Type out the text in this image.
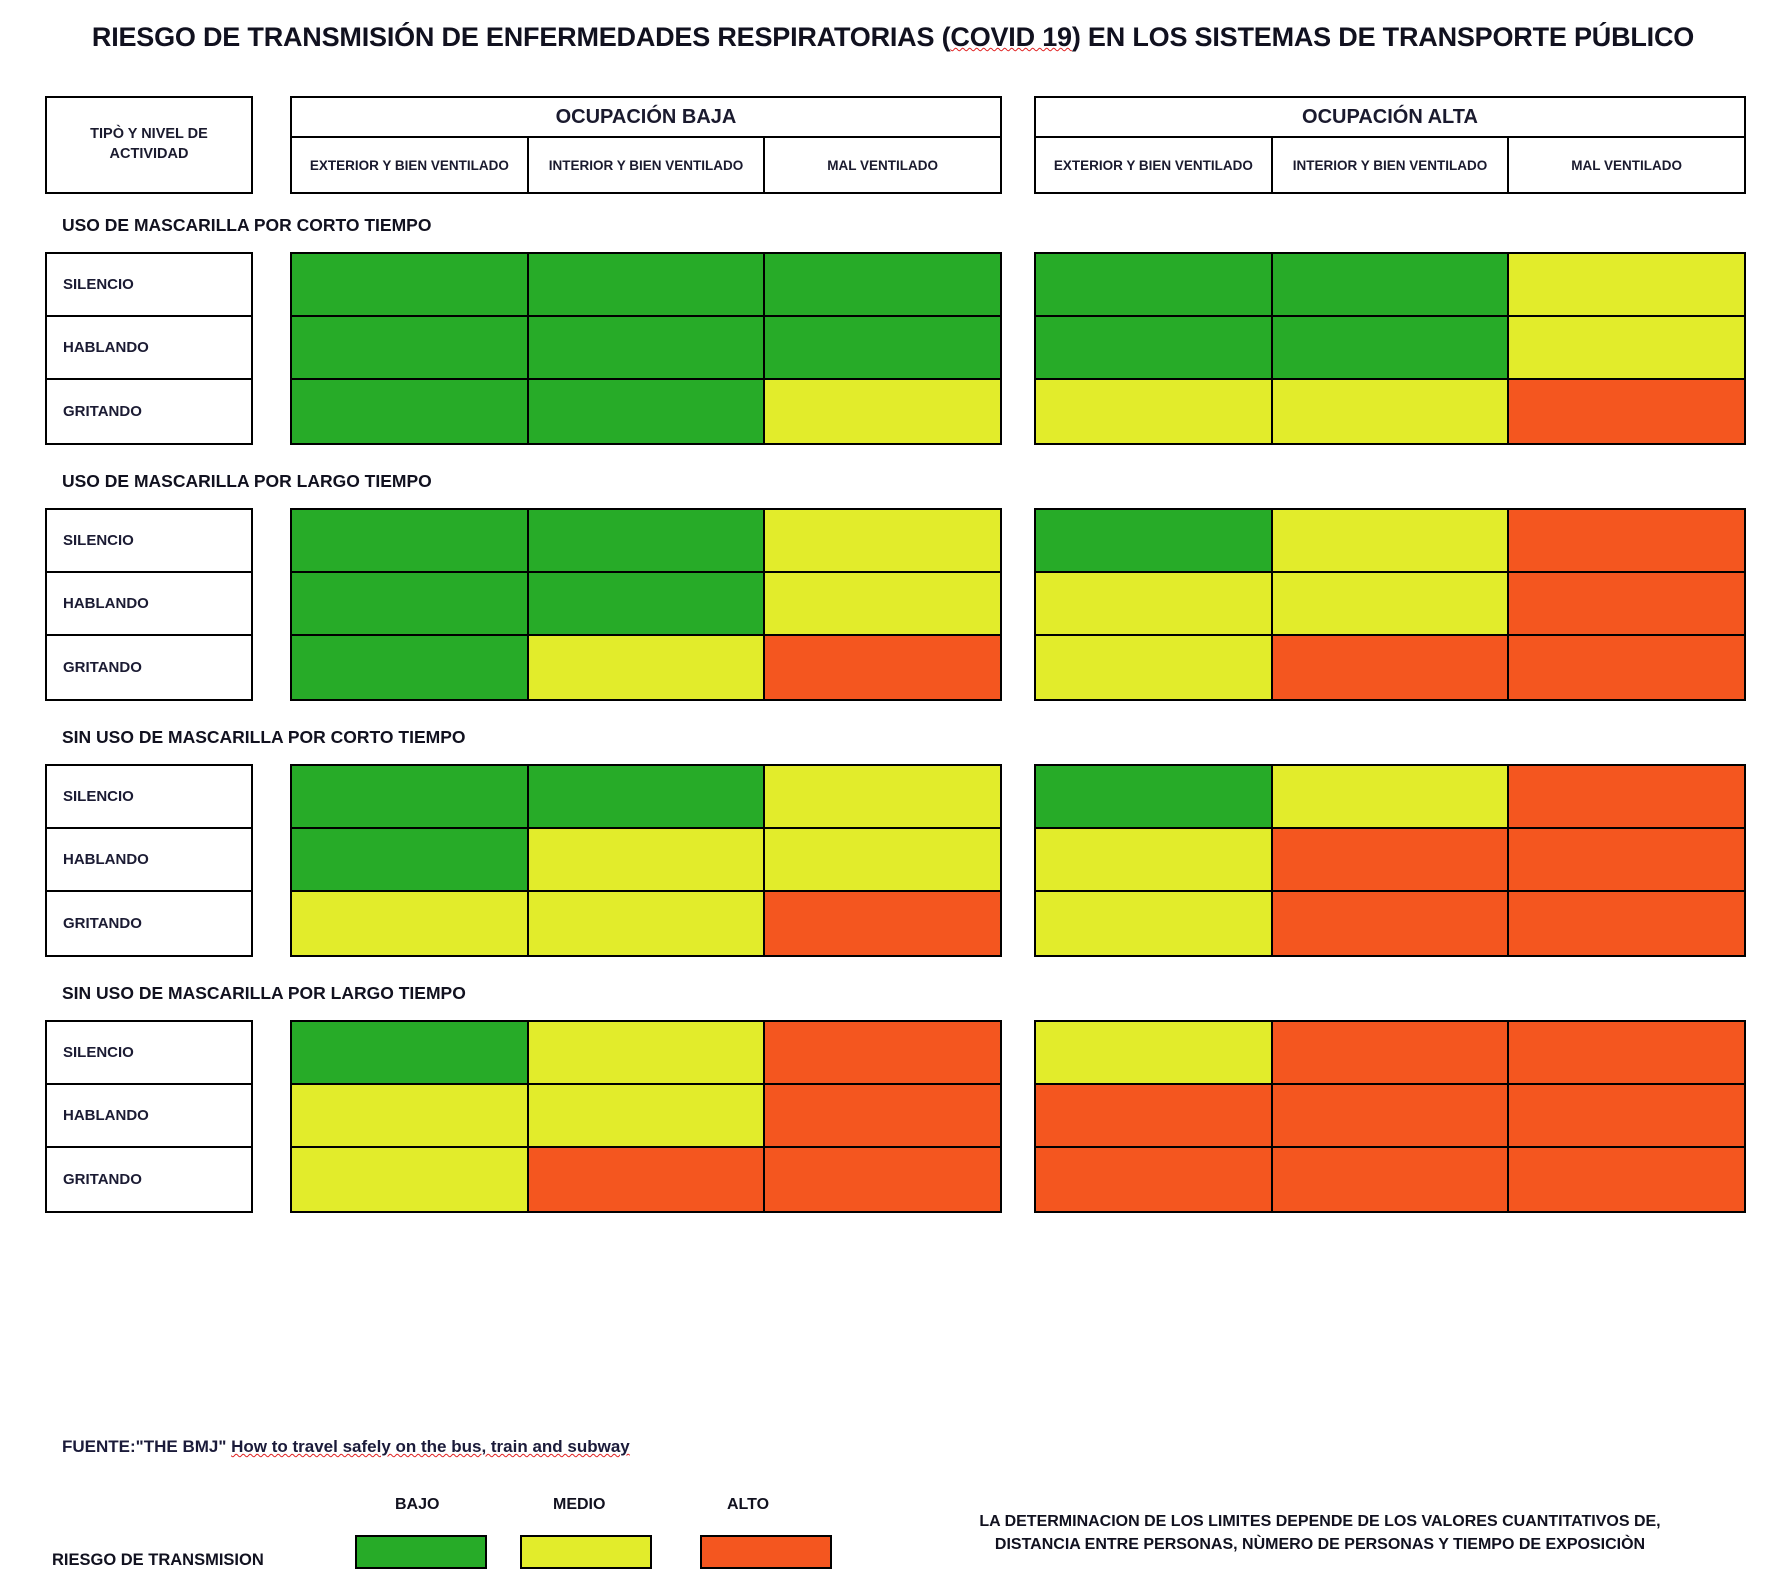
RIESGO DE TRANSMISIÓN DE ENFERMEDADES RESPIRATORIAS (COVID 19) EN LOS SISTEMAS DE TRANSPORTE PÚBLICO
TIPÒ Y NIVEL DE ACTIVIDAD
OCUPACIÓN BAJA
EXTERIOR Y BIEN VENTILADO	INTERIOR Y BIEN VENTILADO	MAL VENTILADO
OCUPACIÓN ALTA
EXTERIOR Y BIEN VENTILADO	INTERIOR Y BIEN VENTILADO	MAL VENTILADO
USO DE MASCARILLA POR CORTO TIEMPO
SILENCIO
HABLANDO
GRITANDO
USO DE MASCARILLA POR LARGO TIEMPO
SILENCIO
HABLANDO
GRITANDO
SIN USO DE MASCARILLA POR CORTO TIEMPO
SILENCIO
HABLANDO
GRITANDO
SIN USO DE MASCARILLA POR LARGO TIEMPO
SILENCIO
HABLANDO
GRITANDO
FUENTE:"THE BMJ" How to travel safely on the bus, train and subway
RIESGO DE TRANSMISION
BAJO	MEDIO	ALTO
LA DETERMINACION DE LOS LIMITES DEPENDE DE LOS VALORES CUANTITATIVOS DE,
DISTANCIA ENTRE PERSONAS, NÙMERO DE PERSONAS Y TIEMPO DE EXPOSICIÒN
